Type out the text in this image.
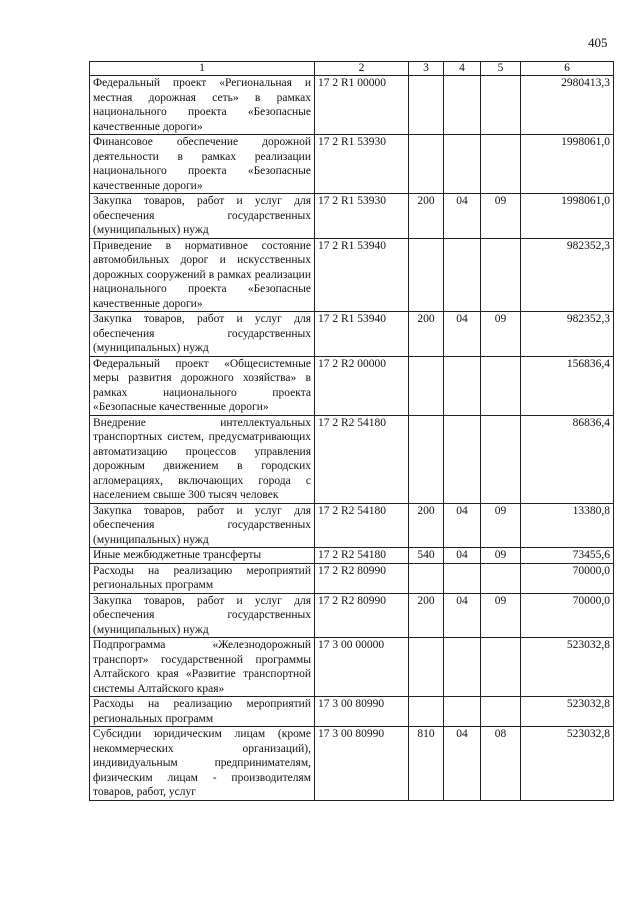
405
1	2	3	4	5	6
Федеральный проект «Региональная и местная дорожная сеть» в рамках национального проекта «Безопасные качественные дороги»	17 2 R1 00000				2980413,3
Финансовое обеспечение дорожной деятельности в рамках реализации национального проекта «Безопасные качественные дороги»	17 2 R1 53930				1998061,0
Закупка товаров, работ и услуг для обеспечения государственных (муниципальных) нужд	17 2 R1 53930	200	04	09	1998061,0
Приведение в нормативное состояние автомобильных дорог и искусственных дорожных сооружений в рамках реализации национального проекта «Безопасные качественные дороги»	17 2 R1 53940				982352,3
Закупка товаров, работ и услуг для обеспечения государственных (муниципальных) нужд	17 2 R1 53940	200	04	09	982352,3
Федеральный проект «Общесистемные меры развития дорожного хозяйства» в рамках национального проекта «Безопасные качественные дороги»	17 2 R2 00000				156836,4
Внедрение интеллектуальных транспортных систем, предусматривающих автоматизацию процессов управления дорожным движением в городских агломерациях, включающих города с населением свыше 300 тысяч человек	17 2 R2 54180				86836,4
Закупка товаров, работ и услуг для обеспечения государственных (муниципальных) нужд	17 2 R2 54180	200	04	09	13380,8
Иные межбюджетные трансферты	17 2 R2 54180	540	04	09	73455,6
Расходы на реализацию мероприятий региональных программ	17 2 R2 80990				70000,0
Закупка товаров, работ и услуг для обеспечения государственных (муниципальных) нужд	17 2 R2 80990	200	04	09	70000,0
Подпрограмма «Железнодорожный транспорт» государственной программы Алтайского края «Развитие транспортной системы Алтайского края»	17 3 00 00000				523032,8
Расходы на реализацию мероприятий региональных программ	17 3 00 80990				523032,8
Субсидии юридическим лицам (кроме некоммерческих организаций), индивидуальным предпринимателям, физическим лицам - производителям товаров, работ, услуг	17 3 00 80990	810	04	08	523032,8
